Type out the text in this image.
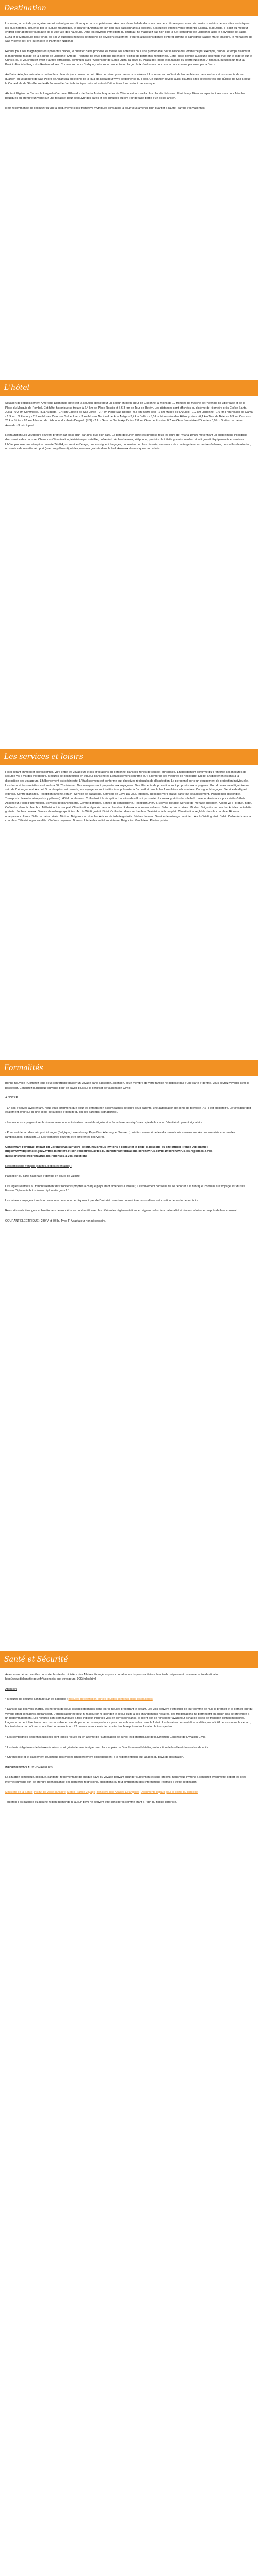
Destination

Lisbonne, la capitale portugaise, séduit autant par sa culture que par son patrimoine. Au cours d'une balade dans ses quartiers pittoresques, vous découvrirez certains de ses sites touristiques les plus notoires. Influencé par la culture mauresque, le quartier d'Alfama est l'un des plus passionnants à explorer. Ses ruelles étroites vont l'emporter jusqu'au Sao Jorge. Il s'agit du meilleur endroit pour apprécier la beauté de la ville vue des hauteurs. Dans les environs immédiats du château, ne manquez pas non plus la Sé (cathédrale de Lisbonne) ainsi le Belvédère de Santa Luzia et le Mirradouro das Portas do Sol. À quelques minutes de marche se dévoilent également d'autres attractions dignes d'intérêt comme la cathédrale Sainte-Marie-Majeure, le monastère de Sao Vicente de Fora ou encore le Panthéon National.

Réputé pour ses magnifiques et raposantes places, le quartier Baixa propose les meilleures adresses pour une promenade. Sur la Place du Commerce par exemple, rendez le temps d'admirer la magnifique façade de la Bourse de Lisbonne, l'Arc de Triomphe de style baroque ou encore l'édifice de bâtiments ministériels. Cette place dévoile aussi une splendide vue sur le Tage et sur le Christ Roi. Si vous voulez avoir d'autres attractions, continuez avec l'Ascenseur de Santa Justa, la plaza ou Praça do Rossio et la façade du Teatro Nacional D. Maria II, ou faites un tour au Palácio Foz à la Praça dos Restauradores. Comme son nom l'indique, cette zone concentre un large choix d'adresses pour vos achats comme par exemple la Baixa.

Au Bairro Alto, les animations battent leur plein de jour comme de nuit. Rien de mieux pour passer vos soirées à Lisbonne en profitant de leur ambiance dans les bars et restaurants de ce quartier, au Miradouro de São Pedro de Alcântara ou le long de la Rua da Rosa pour vivre l'expérience du Fado. Ce quartier dévoile aussi d'autres sites célèbres tels que l'Église de São Roque, la Cathédrale de São Pedro de Alcântara et le Jardin botanique qui sont autant d'attractions à ne surtout pas manquer.

Abritant l'Église do Carmo, le Largo do Carmo et l'Elevador de Santa Justa, le quartier de Chiado est la zone la plus chic de Lisbonne. Il fait bon y flâner en arpentant ses rues pour faire les boutiques ou prendre un verre sur une terrasse, pour découvrir des cafés et des librairies qui ont l'air de faire partie d'un décor ancien.

Il est recommandé de découvrir la ville à pied, même si les tramways mythiques sont aussi là pour vous amener d'un quartier à l'autre, parfois très vallonnés.

L'hôtel

Situation de l'établissement Amerique Diamonds Hotel est la solution idéale pour un séjour en plein cœur de Lisbonne, à moins de 10 minutes de marche de l'Avenida da Liberdade et de la Place du Marquis de Pombal. Cet hôtel historique se trouve à 2,4 km de Place Rossio et à 6,3 km de Tour de Belém. Les distances sont affichées au dixième de kilomètre près Cloître Santa Justa - 0,2 km Commerce, Rua Augusta - 0,4 km Castelo de Sao Jorge - 0,7 km Place Sao Roque - 0,8 km Bairro Alto - 1 km Musée de l'Azulejo - 1,2 km Lisbonne - 1,6 km Pont Vasco de Gama - 1,9 km LX Factory - 2,5 km Musée Calouste Gulbenkian - 3 km Museu Nacional de Arte Antiga - 3,4 km Belém - 5,5 km Monastère des Hiéronymites - 6,1 km Tour de Belém - 6,3 km Cascais - 26 km Sintra - 28 km Aéroport de Lisbonne Humberto Delgado (LIS) - 7 km Gare de Santa Apolónia - 2,8 km Gare de Rossio - 0,7 km Gare ferroviaire d'Oriente - 8,9 km Station de métro Avenida - 3 min à pied

Restauration Les voyageurs peuvent profiter sur place d'un bar ainsi que d'un café. Le petit-déjeuner buffet est proposé tous les jours de 7h00 à 10h30 moyennant un supplément. Possibilité d'un service de chambre. Chambres Climatisation, télévision par satellite, coffre-fort, sèche-cheveux, téléphone, produits de toilette gratuits, minibar et wifi gratuit. Équipements et services L'hôtel propose une réception ouverte 24h/24, un service d'étage, une consigne à bagages, un service de blanchisserie, un service de conciergerie et un centre d'affaires, des salles de réunion, un service de navette aéroport (avec supplément), et des journaux gratuits dans le hall. Animaux domestiques non admis.

Les services et loisirs

Hôtel gérant immobilier professionnel. Vitré entre les voyageurs et les prestations du personnel dans les zones de contact principales. L'hébergement confirme qu'il renforcé ses mesures de sécurité vis-à-vis des voyageurs. Mesures de désinfection en vigueur dans l'hôtel. L'établissement confirme qu'il a renforcé ses mesures de nettoyage. Du gel antibactérien est mis à la disposition des voyageurs. L'hébergement est désinfecté. L'établissement est conforme aux directives régionales de désinfection. Le personnel porte un équipement de protection individuelle. Les draps et les serviettes sont lavés à 60 °C minimum. Des masques sont proposés aux voyageurs. Des éléments de protection sont proposés aux voyageurs. Port du masque obligatoire au sein de l'hébergement. Accueil Si la réception est ouverte, les voyageurs sont invités à se présenter à l'accueil et remplir les formulaires nécessaires. Consigne à bagages. Service de départ express. Centre d'affaires. Réception ouverte 24h/24. Service de bagagiste. Services de Cave Du Jour. Internet / Réseaux Wi-fi gratuit dans tout l'établissement. Parking non disponible. Transports : Navette aéroport (supplément). Hôtel non-fumeur. Coffre-fort à la réception. Location de vélos à proximité. Journaux gratuits dans le hall. Laverie. Assistance pour visites/billets. Ascenseur. Point d'information. Services de blanchisserie. Centre d'affaires. Service de conciergerie. Réception 24h/24. Service d'étage. Service de ménage quotidien. Accès Wi-Fi gratuit. Bidet. Coffre-fort dans la chambre. Télévision à écran plat. Climatisation réglable dans la chambre. Rideaux opaques/occultants. Salle de bains privée. Minibar. Baignoire ou douche. Articles de toilette gratuits. Sèche-cheveux. Service de ménage quotidien. Accès Wi-Fi gratuit. Bidet. Coffre-fort dans la chambre. Télévision à écran plat. Climatisation réglable dans la chambre. Rideaux opaques/occultants. Salle de bains privée. Minibar. Baignoire ou douche. Articles de toilette gratuits. Sèche-cheveux. Service de ménage quotidien. Accès Wi-Fi gratuit. Bidet. Coffre-fort dans la chambre. Télévision par satellite. Chaînes payantes. Bureau. Literie de qualité supérieure. Baignoire. Ventilateur. Piscine privée.

Formalités

Bonne nouvelle : Comptez tous deux confortable passer un voyage sans passeport. Attention, si un membre de votre famille ne dispose pas d'une carte d'identité, vous devrez voyager avec le passeport. Consultez la rubrique suivante pour en savoir plus sur le certificat de vaccination Covid.

A NOTER

- En cas d'arrivée avec enfant, nous vous informons que pour les enfants non accompagnés de leurs deux parents, une autorisation de sortie de territoire (AST) est obligatoire. Le voyageur doit également avoir sur lui une copie de la pièce d'identité du ou des parent(s) signataire(s).

- Les mineurs voyageant seuls doivent avoir une autorisation parentale signée et le formulaire, ainsi qu'une copie de la carte d'identité du parent signataire.

- Pour tout départ d'un aéroport étranger (Belgique, Luxembourg, Pays-Bas, Allemagne, Suisse...), vérifiez vous-même les documents nécessaires auprès des autorités concernées (ambassades, consulats...). Les formalités peuvent être différentes des vôtres.

Concernant l'éventuel impact du Coronavirus sur votre séjour, nous vous invitons à consulter la page ci-dessous du site officiel France Diplomatie : https://www.diplomatie.gouv.fr/fr/le-ministere-et-son-reseau/actualites-du-ministere/informations-coronavirus-covid-19/coronavirus-les-reponses-a-vos-questions/article/coronavirus-les-reponses-a-vos-questions

Ressortissants français (adultes, bébés et enfants) :

Passeport ou carte nationale d'identité en cours de validité.

Les règles relatives au franchissement des frontières propres à chaque pays étant amenées à évoluer, il est vivement conseillé de se reporter à la rubrique "conseils aux voyageurs" du site France Diplomatie.https://www.diplomatie.gouv.fr/

Les mineurs voyageant seuls ou avec une personne ne disposant pas de l'autorité parentale doivent être munis d'une autorisation de sortie de territoire.

Ressortissants étrangers et binationaux devront être en conformité avec les différentes réglementations en vigueur selon leur nationalité et devront s'informer auprès de leur consulat.

COURANT ELECTRIQUE : 230 V et 50Hz. Type F. Adaptateur non nécessaire.

Santé et Sécurité

Avant votre départ, veuillez consulter le site du ministère des Affaires étrangères pour connaître les risques sanitaires éventuels qui peuvent concerner votre destination : http://www.diplomatie.gouv.fr/fr/conseils-aux-voyageurs_909/index.html

Attention

* Mesures de sécurité sanitaire sur les bagages : mesures de restriction sur les liquides contenus dans les bagages

* Dans le cas des vols charter, les horaires de ceux-ci sont déterminés dans les 48 heures précédant le départ. Les vols peuvent s'effectuer de jour comme de nuit, le premier et le dernier jour du voyage étant consacrés au transport. L'organisateur ne peut ni raccourcir ni rallonger le séjour suite à ces changements horaires, ces modifications ne permettent en aucun cas de prétendre à un dédommagement. Les horaires sont communiqués à titre indicatif. Pour les vols en correspondance, le client doit se renseigner avant tout achat de billets de transport complémentaires. L'agence ne peut être tenue pour responsable en cas de perte de correspondance pour des vols non inclus dans le forfait. Les horaires peuvent être modifiés jusqu'à 48 heures avant le départ ; le client devra reconfirmer son vol retour au minimum 72 heures avant celui-ci en contactant le représentant local ou le transporteur.

* Les compagnies aériennes utilisées sont toutes reçues ou en attente de l'autorisation de survol et d'atterrissage de la Direction Générale de l'Aviation Civile.

* Les frais obligatoires de la taxe de séjour sont généralement à régler sur place auprès de l'établissement hôtelier, en fonction de la ville et du nombre de nuits.

* Chronologie et le classement touristique des modes d'hébergement correspondent à la réglementation aux usages du pays de destination.

INFORMATIONS AUX VOYAGEURS :

La situation climatique, politique, sanitaire, réglementaire de chaque pays du voyage pouvant changer subitement et sans préavis, nous vous invitons à consulter avant votre départ les sites internet suivants afin de prendre connaissance des dernières restrictions, obligations ou tout simplement des informations relatives à votre destination.

Ministère de la Santé Institut de veille sanitaire Météo France Voyage Ministère des Affaires Étrangères Documents légaux pour la sortie du territoire

Toutefois il est rappelé qu'aucune région du monde ni aucun pays ne peuvent être considérés comme étant à l'abri du risque terroriste.
